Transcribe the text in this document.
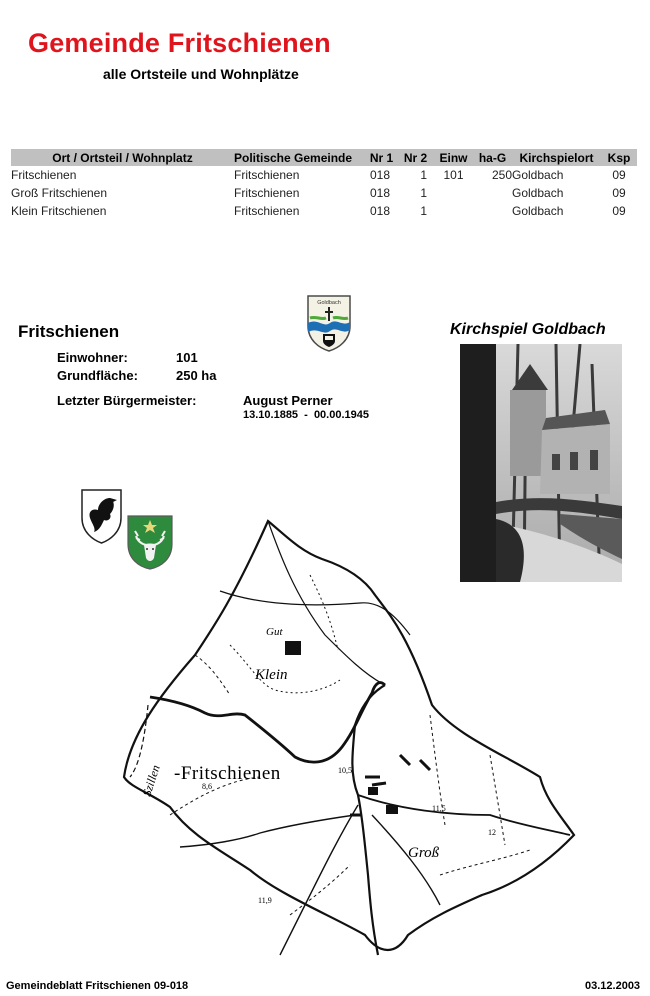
Gemeinde Fritschienen
alle Ortsteile und Wohnplätze
Ort / Ortsteil / Wohnplatz	Politische Gemeinde	Nr 1	Nr 2	Einw	ha-G	Kirchspielort	Ksp
Fritschienen	Fritschienen	018	1	101	250	Goldbach	09
Groß Fritschienen	Fritschienen	018	1			Goldbach	09
Klein Fritschienen	Fritschienen	018	1			Goldbach	09
Goldbach
Fritschienen
Einwohner:	101
Grundfläche:	250 ha
Letzter Bürgermeister:	August Perner
13.10.1885  -  00.00.1945
Kirchspiel Goldbach
Gut
Klein
Szillen -Fritschienen
Groß
10,5
11,5
12
8,6
11,9
Gemeindeblatt Fritschienen 09-018	03.12.2003
